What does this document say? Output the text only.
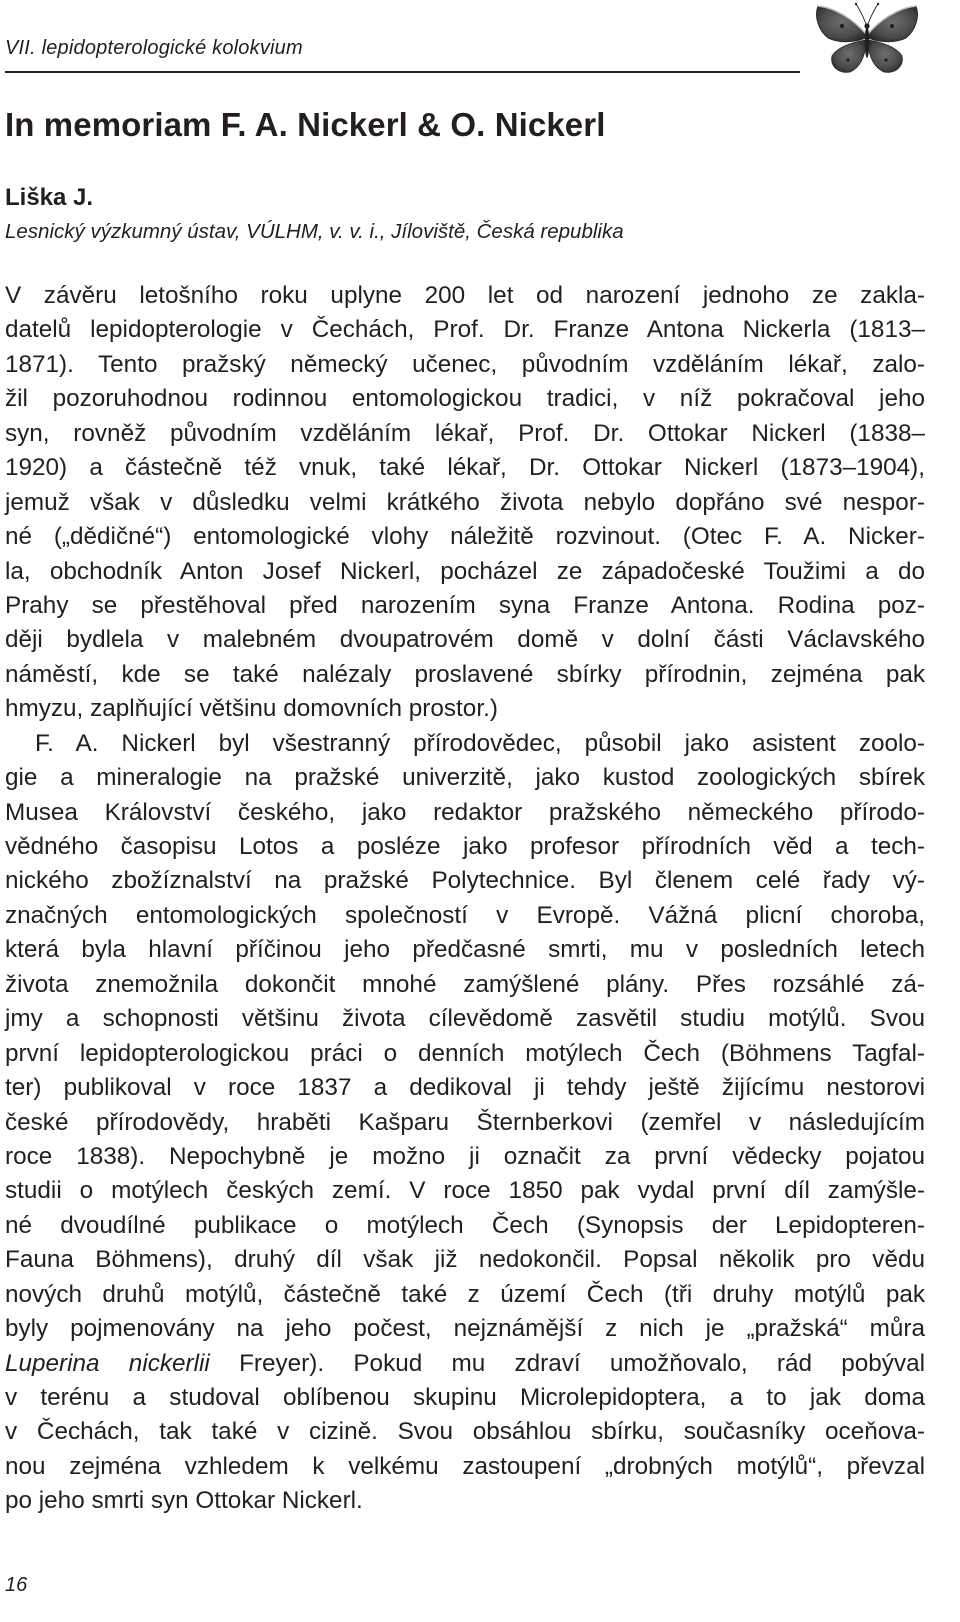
VII. lepidopterologické kolokvium

In memoriam F. A. Nickerl & O. Nickerl

Liška J.

Lesnický výzkumný ústav, VÚLHM, v. v. i., Jíloviště, Česká republika

V závěru letošního roku uplyne 200 let od narození jednoho ze zakla-
datelů lepidopterologie v Čechách, Prof. Dr. Franze Antona Nickerla (1813–
1871). Tento pražský německý učenec, původním vzděláním lékař, zalo-
žil pozoruhodnou rodinnou entomologickou tradici, v níž pokračoval jeho
syn, rovněž původním vzděláním lékař, Prof. Dr. Ottokar Nickerl (1838–
1920) a částečně též vnuk, také lékař, Dr. Ottokar Nickerl (1873–1904),
jemuž však v důsledku velmi krátkého života nebylo dopřáno své nespor-
né („dědičné“) entomologické vlohy náležitě rozvinout. (Otec F. A. Nicker-
la, obchodník Anton Josef Nickerl, pocházel ze západočeské Toužimi a do
Prahy se přestěhoval před narozením syna Franze Antona. Rodina poz-
ději bydlela v malebném dvoupatrovém domě v dolní části Václavského
náměstí, kde se také nalézaly proslavené sbírky přírodnin, zejména pak
hmyzu, zaplňující většinu domovních prostor.)
F. A. Nickerl byl všestranný přírodovědec, působil jako asistent zoolo-
gie a mineralogie na pražské univerzitě, jako kustod zoologických sbírek
Musea Království českého, jako redaktor pražského německého přírodo-
vědného časopisu Lotos a posléze jako profesor přírodních věd a tech-
nického zbožíznalství na pražské Polytechnice. Byl členem celé řady vý-
značných entomologických společností v Evropě. Vážná plicní choroba,
která byla hlavní příčinou jeho předčasné smrti, mu v posledních letech
života znemožnila dokončit mnohé zamýšlené plány. Přes rozsáhlé zá-
jmy a schopnosti většinu života cílevědomě zasvětil studiu motýlů. Svou
první lepidopterologickou práci o denních motýlech Čech (Böhmens Tagfal-
ter) publikoval v roce 1837 a dedikoval ji tehdy ještě žijícímu nestorovi
české přírodovědy, hraběti Kašparu Šternberkovi (zemřel v následujícím
roce 1838). Nepochybně je možno ji označit za první vědecky pojatou
studii o motýlech českých zemí. V roce 1850 pak vydal první díl zamýšle-
né dvoudílné publikace o motýlech Čech (Synopsis der Lepidopteren-
Fauna Böhmens), druhý díl však již nedokončil. Popsal několik pro vědu
nových druhů motýlů, částečně také z území Čech (tři druhy motýlů pak
byly pojmenovány na jeho počest, nejznámější z nich je „pražská“ můra
Luperina nickerlii Freyer). Pokud mu zdraví umožňovalo, rád pobýval
v terénu a studoval oblíbenou skupinu Microlepidoptera, a to jak doma
v Čechách, tak také v cizině. Svou obsáhlou sbírku, současníky oceňova-
nou zejména vzhledem k velkému zastoupení „drobných motýlů“, převzal
po jeho smrti syn Ottokar Nickerl.

16
